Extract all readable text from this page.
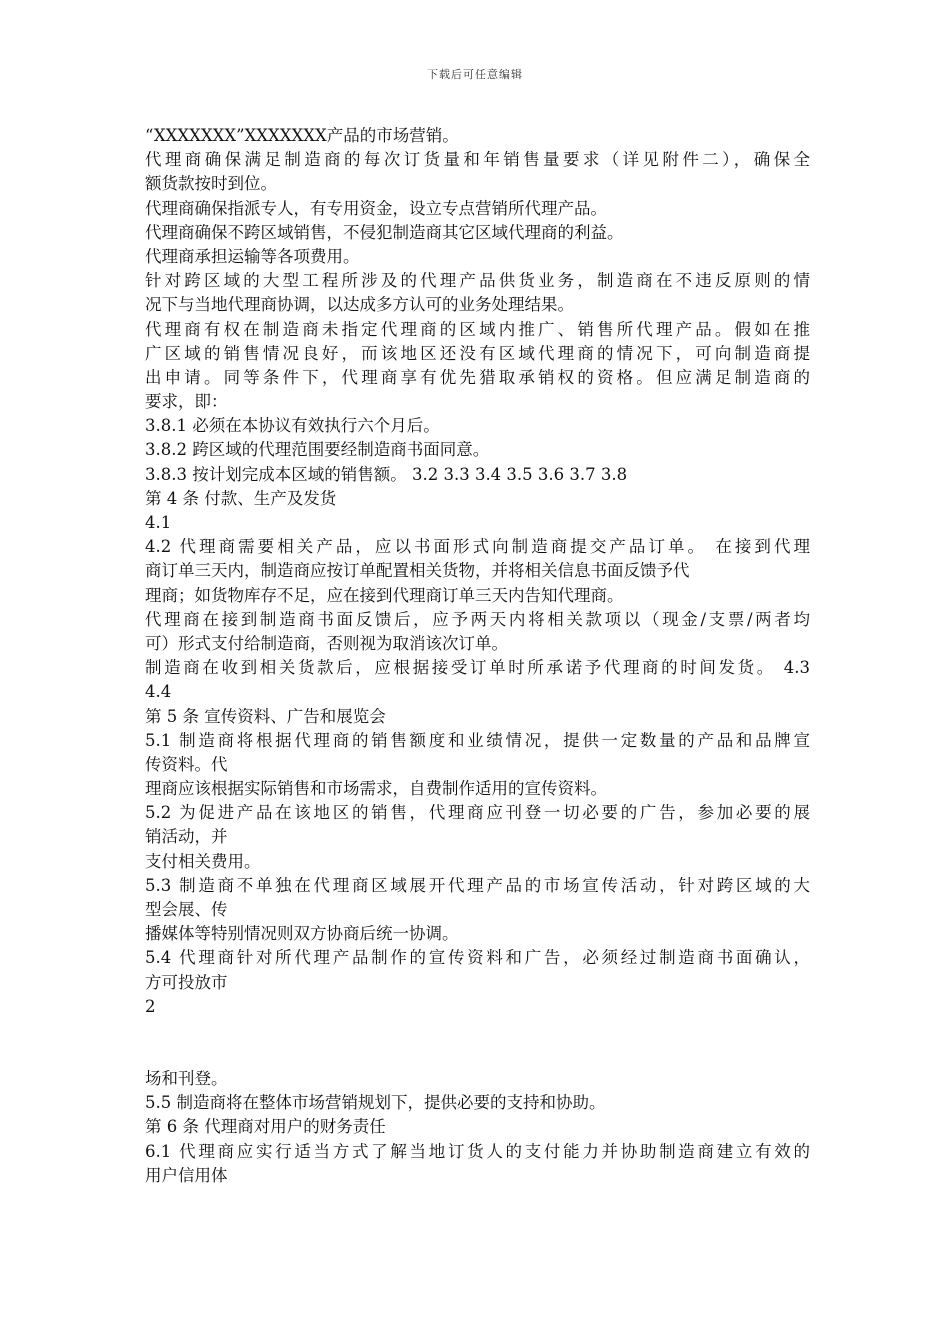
下载后可任意编辑
“XXXXXXX”XXXXXXX产品的市场营销。
代理商确保满足制造商的每次订货量和年销售量要求（详见附件二），确保全
额货款按时到位。
代理商确保指派专人，有专用资金，设立专点营销所代理产品。
代理商确保不跨区域销售，不侵犯制造商其它区域代理商的利益。
代理商承担运输等各项费用。
针对跨区域的大型工程所涉及的代理产品供货业务，制造商在不违反原则的情
况下与当地代理商协调，以达成多方认可的业务处理结果。
代理商有权在制造商未指定代理商的区域内推广、销售所代理产品。假如在推
广区域的销售情况良好，而该地区还没有区域代理商的情况下，可向制造商提
出申请。同等条件下，代理商享有优先猎取承销权的资格。但应满足制造商的
要求，即：
3.8.1 必须在本协议有效执行六个月后。
3.8.2 跨区域的代理范围要经制造商书面同意。
3.8.3 按计划完成本区域的销售额。 3.2 3.3 3.4 3.5 3.6 3.7 3.8
第 4 条 付款、生产及发货
4.1
4.2 代理商需要相关产品，应以书面形式向制造商提交产品订单。 在接到代理
商订单三天内，制造商应按订单配置相关货物，并将相关信息书面反馈予代
理商；如货物库存不足，应在接到代理商订单三天内告知代理商。
代理商在接到制造商书面反馈后，应予两天内将相关款项以（现金/支票/两者均
可）形式支付给制造商，否则视为取消该次订单。
制造商在收到相关货款后，应根据接受订单时所承诺予代理商的时间发货。 4.3
4.4
第 5 条 宣传资料、广告和展览会
5.1 制造商将根据代理商的销售额度和业绩情况，提供一定数量的产品和品牌宣
传资料。代
理商应该根据实际销售和市场需求，自费制作适用的宣传资料。
5.2 为促进产品在该地区的销售，代理商应刊登一切必要的广告，参加必要的展
销活动，并
支付相关费用。
5.3 制造商不单独在代理商区域展开代理产品的市场宣传活动，针对跨区域的大
型会展、传
播媒体等特别情况则双方协商后统一协调。
5.4 代理商针对所代理产品制作的宣传资料和广告，必须经过制造商书面确认，
方可投放市
2
场和刊登。
5.5 制造商将在整体市场营销规划下，提供必要的支持和协助。
第 6 条 代理商对用户的财务责任
6.1 代理商应实行适当方式了解当地订货人的支付能力并协助制造商建立有效的
用户信用体
